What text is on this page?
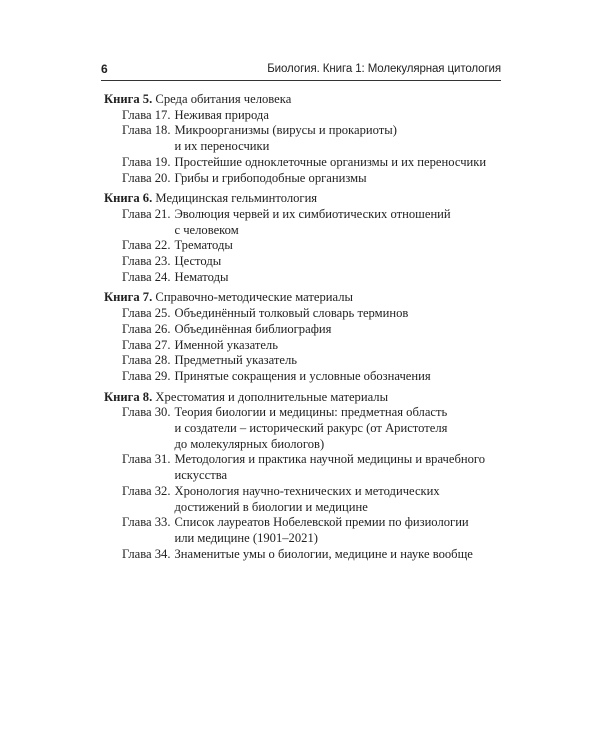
6	Биология. Книга 1: Молекулярная цитология
Книга 5. Среда обитания человека
Глава 17. Неживая природа
Глава 18. Микроорганизмы (вирусы и прокариоты)
и их переносчики
Глава 19. Простейшие одноклеточные организмы и их переносчики
Глава 20. Грибы и грибоподобные организмы
Книга 6. Медицинская гельминтология
Глава 21. Эволюция червей и их симбиотических отношений
с человеком
Глава 22. Трематоды
Глава 23. Цестоды
Глава 24. Нематоды
Книга 7. Справочно-методические материалы
Глава 25. Объединённый толковый словарь терминов
Глава 26. Объединённая библиография
Глава 27. Именной указатель
Глава 28. Предметный указатель
Глава 29. Принятые сокращения и условные обозначения
Книга 8. Хрестоматия и дополнительные материалы
Глава 30. Теория биологии и медицины: предметная область
и создатели – исторический ракурс (от Аристотеля
до молекулярных биологов)
Глава 31. Методология и практика научной медицины и врачебного
искусства
Глава 32. Хронология научно-технических и методических
достижений в биологии и медицине
Глава 33. Список лауреатов Нобелевской премии по физиологии
или медицине (1901–2021)
Глава 34. Знаменитые умы о биологии, медицине и науке вообще
